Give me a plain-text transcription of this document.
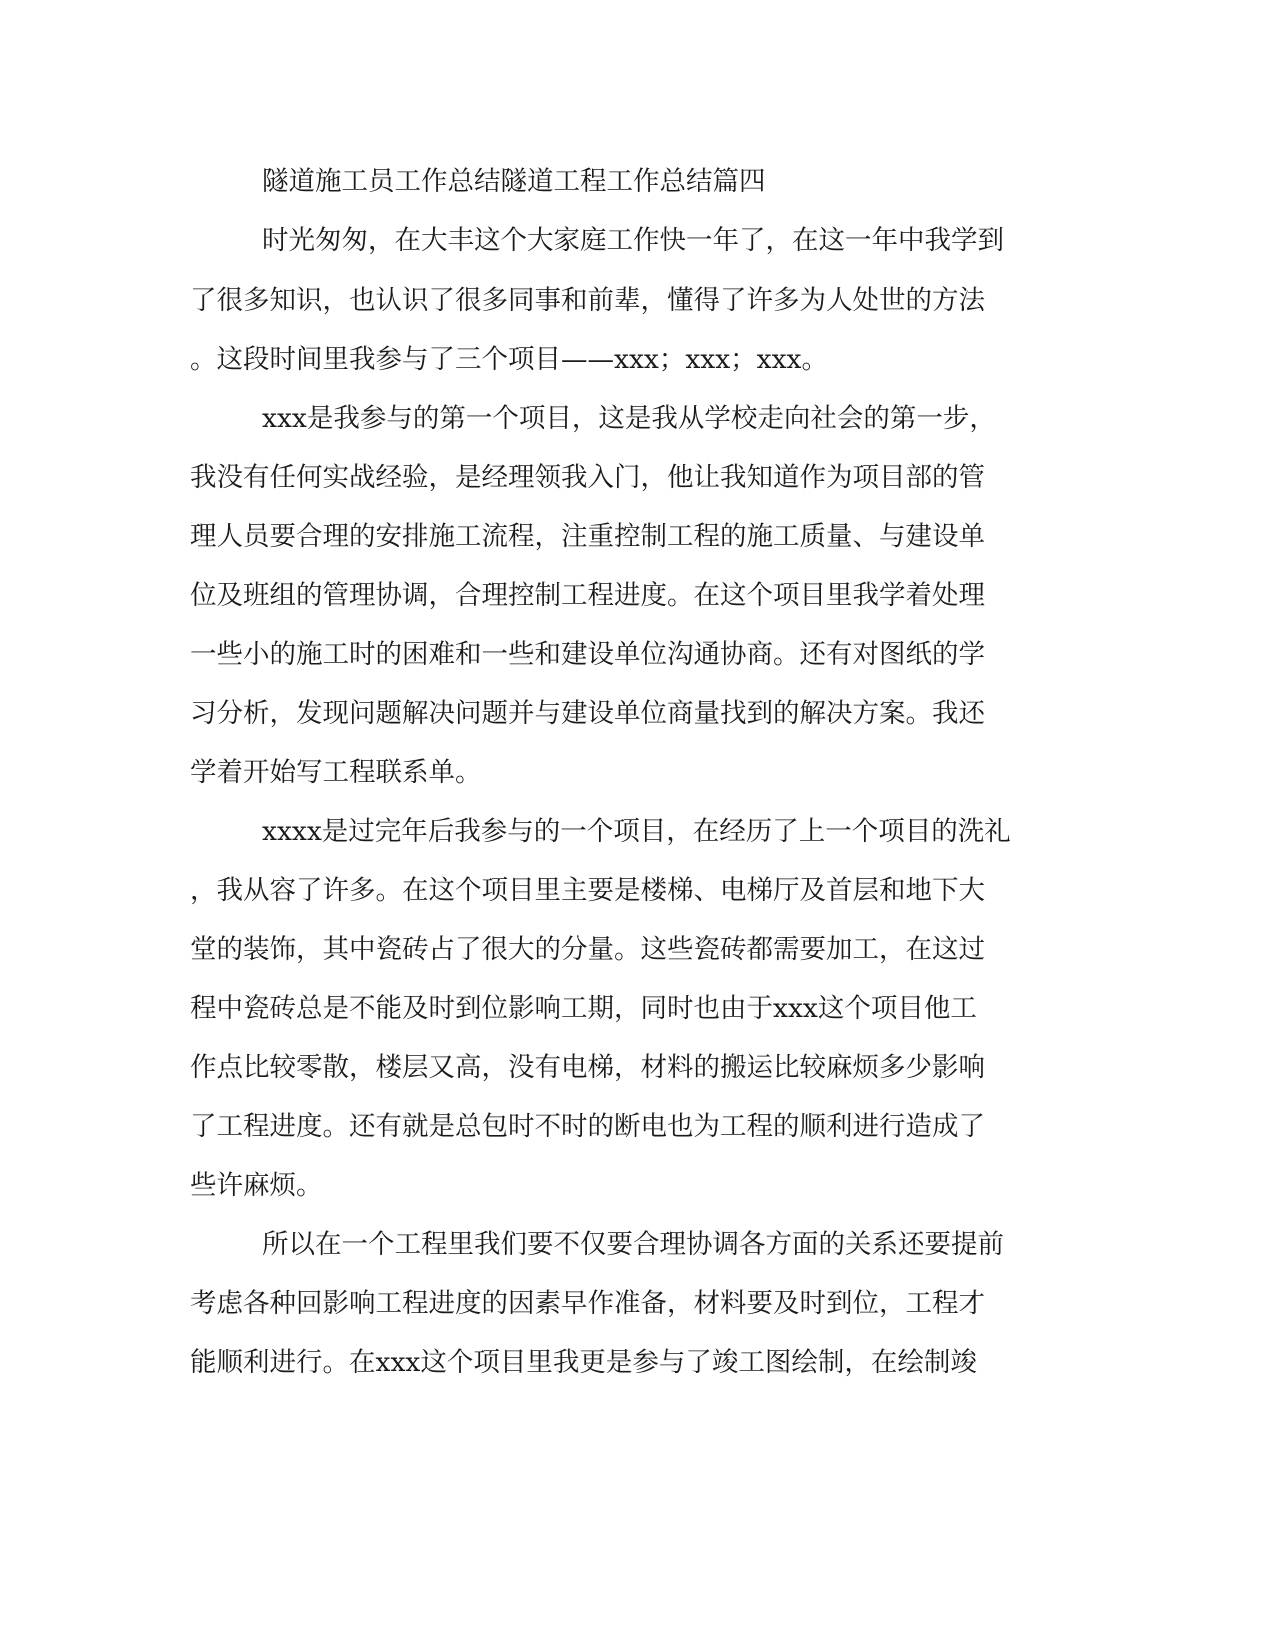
隧道施工员工作总结隧道工程工作总结篇四

时光匆匆，在大丰这个大家庭工作快一年了，在这一年中我学到

了很多知识，也认识了很多同事和前辈，懂得了许多为人处世的方法

。这段时间里我参与了三个项目——xxx；xxx；xxx。

xxx是我参与的第一个项目，这是我从学校走向社会的第一步，

我没有任何实战经验，是经理领我入门，他让我知道作为项目部的管

理人员要合理的安排施工流程，注重控制工程的施工质量、与建设单

位及班组的管理协调，合理控制工程进度。在这个项目里我学着处理

一些小的施工时的困难和一些和建设单位沟通协商。还有对图纸的学

习分析，发现问题解决问题并与建设单位商量找到的解决方案。我还

学着开始写工程联系单。

xxxx是过完年后我参与的一个项目，在经历了上一个项目的洗礼

，我从容了许多。在这个项目里主要是楼梯、电梯厅及首层和地下大

堂的装饰，其中瓷砖占了很大的分量。这些瓷砖都需要加工，在这过

程中瓷砖总是不能及时到位影响工期，同时也由于xxx这个项目他工

作点比较零散，楼层又高，没有电梯，材料的搬运比较麻烦多少影响

了工程进度。还有就是总包时不时的断电也为工程的顺利进行造成了

些许麻烦。

所以在一个工程里我们要不仅要合理协调各方面的关系还要提前

考虑各种回影响工程进度的因素早作准备，材料要及时到位，工程才

能顺利进行。在xxx这个项目里我更是参与了竣工图绘制，在绘制竣
